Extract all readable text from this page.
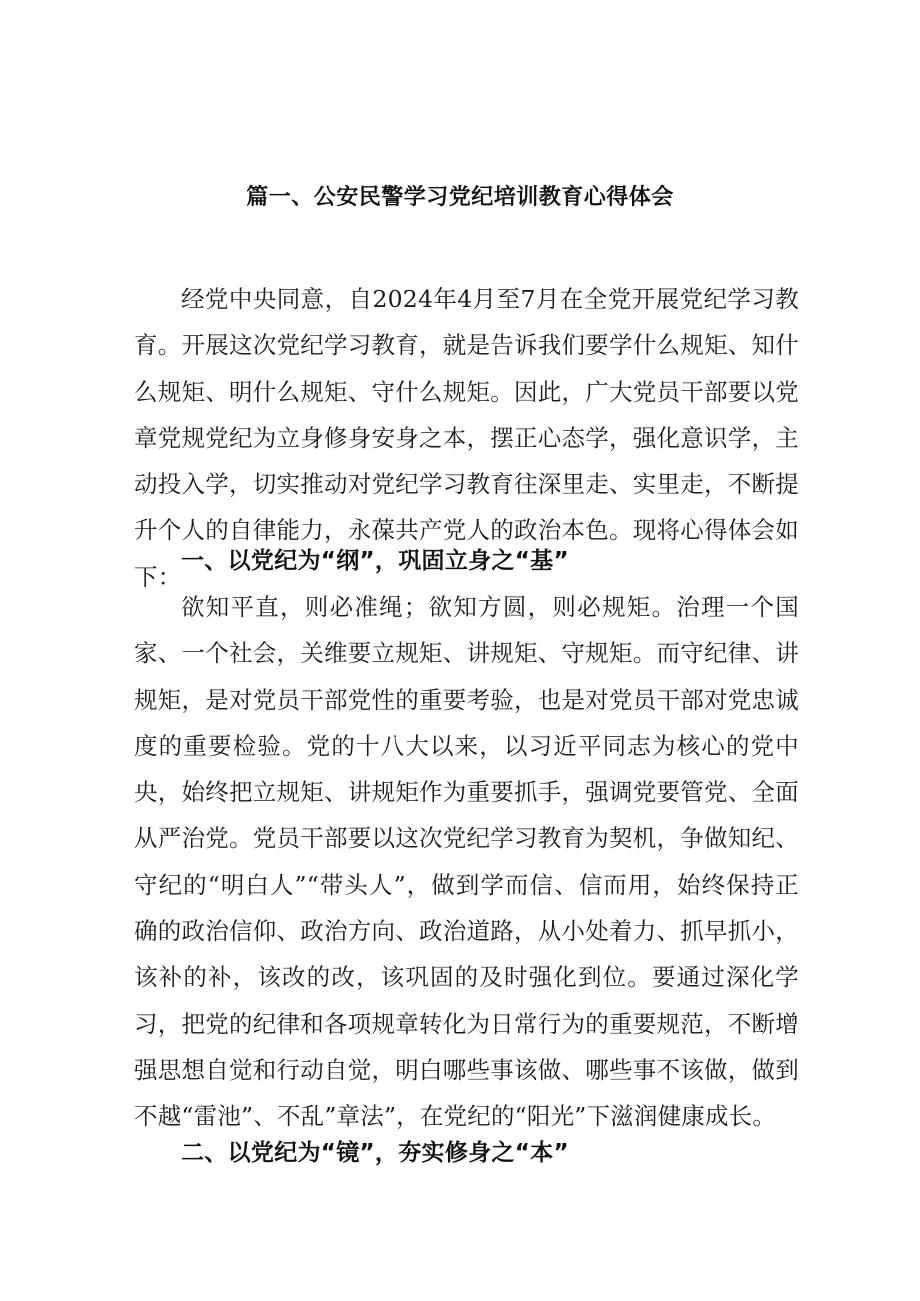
篇一、公安民警学习党纪培训教育心得体会
经党中央同意，自2024年4月至7月在全党开展党纪学习教育。开展这次党纪学习教育，就是告诉我们要学什么规矩、知什么规矩、明什么规矩、守什么规矩。因此，广大党员干部要以党章党规党纪为立身修身安身之本，摆正心态学，强化意识学，主动投入学，切实推动对党纪学习教育往深里走、实里走，不断提升个人的自律能力，永葆共产党人的政治本色。现将心得体会如下：
一、以党纪为“纲”，巩固立身之“基”
欲知平直，则必准绳；欲知方圆，则必规矩。治理一个国家、一个社会，关维要立规矩、讲规矩、守规矩。而守纪律、讲规矩，是对党员干部党性的重要考验，也是对党员干部对党忠诚度的重要检验。党的十八大以来，以习近平同志为核心的党中央，始终把立规矩、讲规矩作为重要抓手，强调党要管党、全面从严治党。党员干部要以这次党纪学习教育为契机，争做知纪、守纪的“明白人”“带头人”，做到学而信、信而用，始终保持正确的政治信仰、政治方向、政治道路，从小处着力、抓早抓小，该补的补，该改的改，该巩固的及时强化到位。要通过深化学习，把党的纪律和各项规章转化为日常行为的重要规范，不断增强思想自觉和行动自觉，明白哪些事该做、哪些事不该做，做到不越“雷池”、不乱”章法”，在党纪的“阳光”下滋润健康成长。
二、以党纪为“镜”，夯实修身之“本”
